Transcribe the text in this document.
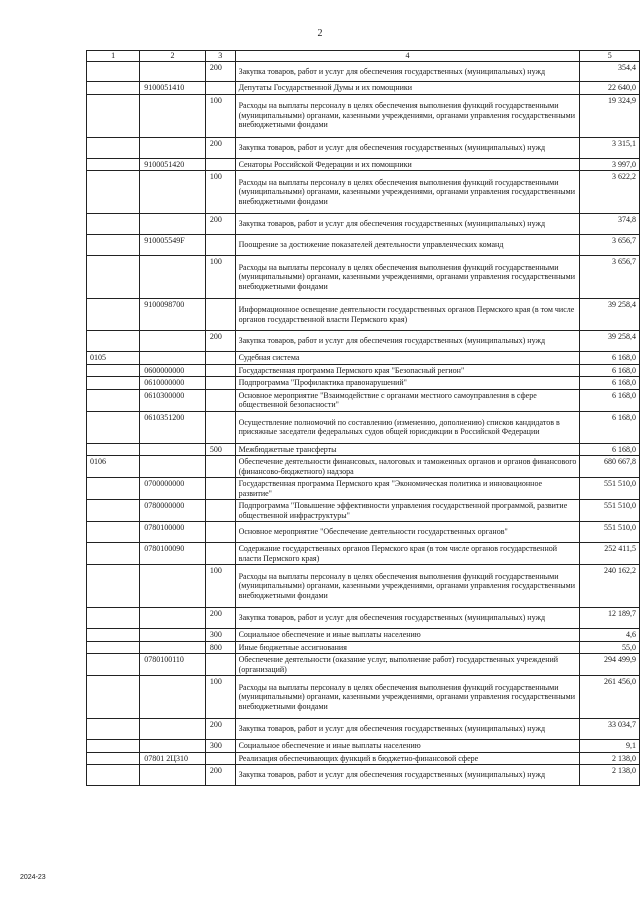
2
1	2	3	4	5
		200	Закупка товаров, работ и услуг для обеспечения государственных (муниципальных) нужд	354,4
	9100051410		Депутаты Государственной Думы и их помощники	22 640,0
		100	Расходы на выплаты персоналу в целях обеспечения выполнения функций государственными (муниципальными) органами, казенными учреждениями, органами управления государственными внебюджетными фондами	19 324,9
		200	Закупка товаров, работ и услуг для обеспечения государственных (муниципальных) нужд	3 315,1
	9100051420		Сенаторы Российской Федерации и их помощники	3 997,0
		100	Расходы на выплаты персоналу в целях обеспечения выполнения функций государственными (муниципальными) органами, казенными учреждениями, органами управления государственными внебюджетными фондами	3 622,2
		200	Закупка товаров, работ и услуг для обеспечения государственных (муниципальных) нужд	374,8
	910005549F		Поощрение за достижение показателей деятельности управленческих команд	3 656,7
		100	Расходы на выплаты персоналу в целях обеспечения выполнения функций государственными (муниципальными) органами, казенными учреждениями, органами управления государственными внебюджетными фондами	3 656,7
	9100098700		Информационное освещение деятельности государственных органов Пермского края (в том числе органов государственной власти Пермского края)	39 258,4
		200	Закупка товаров, работ и услуг для обеспечения государственных (муниципальных) нужд	39 258,4
0105			Судебная система	6 168,0
	0600000000		Государственная программа Пермского края "Безопасный регион"	6 168,0
	0610000000		Подпрограмма "Профилактика правонарушений"	6 168,0
	0610300000		Основное мероприятие "Взаимодействие с органами местного самоуправления в сфере общественной безопасности"	6 168,0
	0610351200		Осуществление полномочий по составлению (изменению, дополнению) списков кандидатов в присяжные заседатели федеральных судов общей юрисдикции в Российской Федерации	6 168,0
		500	Межбюджетные трансферты	6 168,0
0106			Обеспечение деятельности финансовых, налоговых и таможенных органов и органов финансового (финансово-бюджетного) надзора	680 667,8
	0700000000		Государственная программа Пермского края "Экономическая политика и инновационное развитие"	551 510,0
	0780000000		Подпрограмма "Повышение эффективности управления государственной программой, развитие общественной инфраструктуры"	551 510,0
	0780100000		Основное мероприятие "Обеспечение деятельности государственных органов"	551 510,0
	0780100090		Содержание государственных органов Пермского края (в том числе органов государственной власти Пермского края)	252 411,5
		100	Расходы на выплаты персоналу в целях обеспечения выполнения функций государственными (муниципальными) органами, казенными учреждениями, органами управления государственными внебюджетными фондами	240 162,2
		200	Закупка товаров, работ и услуг для обеспечения государственных (муниципальных) нужд	12 189,7
		300	Социальное обеспечение и иные выплаты населению	4,6
		800	Иные бюджетные ассигнования	55,0
	0780100110		Обеспечение деятельности (оказание услуг, выполнение работ) государственных учреждений (организаций)	294 499,9
		100	Расходы на выплаты персоналу в целях обеспечения выполнения функций государственными (муниципальными) органами, казенными учреждениями, органами управления государственными внебюджетными фондами	261 456,0
		200	Закупка товаров, работ и услуг для обеспечения государственных (муниципальных) нужд	33 034,7
		300	Социальное обеспечение и иные выплаты населению	9,1
	07801 2Ц310		Реализация обеспечивающих функций в бюджетно-финансовой сфере	2 138,0
		200	Закупка товаров, работ и услуг для обеспечения государственных (муниципальных) нужд	2 138,0
2024-23
